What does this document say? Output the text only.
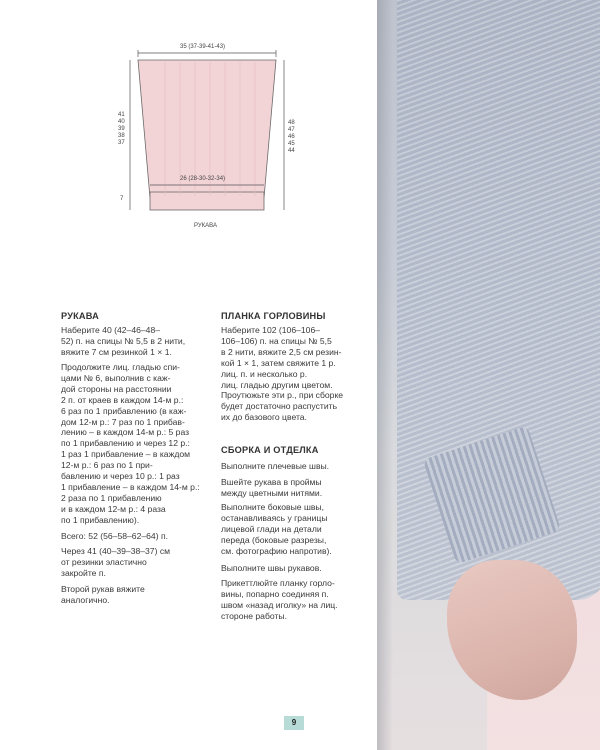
35 (37-39-41-43)
26 (28-30-32-34)
41
40
39
38
37
48
47
46
45
44
7
РУКАВА
РУКАВА

Наберите 40 (42–46–48–
52) п. на спицы № 5,5 в 2 нити,
вяжите 7 см резинкой 1 × 1.

Продолжите лиц. гладью спи-
цами № 6, выполнив с каж-
дой стороны на расстоянии
2 п. от краев в каждом 14-м р.:
6 раз по 1 прибавлению (в каж-
дом 12-м р.: 7 раз по 1 прибав-
лению – в каждом 14-м р.: 5 раз
по 1 прибавлению и через 12 р.:
1 раз 1 прибавление – в каждом
12-м р.: 6 раз по 1 при-
бавлению и через 10 р.: 1 раз
1 прибавление – в каждом 14-м р.:
2 раза по 1 прибавлению
и в каждом 12-м р.: 4 раза
по 1 прибавлению).

Всего: 52 (56–58–62–64) п.

Через 41 (40–39–38–37) см
от резинки эластично
закройте п.

Второй рукав вяжите
аналогично.

ПЛАНКА ГОРЛОВИНЫ

Наберите 102 (106–106–
106–106) п. на спицы № 5,5
в 2 нити, вяжите 2,5 см резин-
кой 1 × 1, затем свяжите 1 р.
лиц. п. и несколько р.
лиц. гладью другим цветом.
Проутюжьте эти р., при сборке
будет достаточно распустить
их до базового цвета.

СБОРКА И ОТДЕЛКА

Выполните плечевые швы.

Вшейте рукава в проймы
между цветными нитями.

Выполните боковые швы,
останавливаясь у границы
лицевой глади на детали
переда (боковые разрезы,
см. фотографию напротив).

Выполните швы рукавов.

Прикеттлюйте планку горло-
вины, попарно соединяя п.
швом «назад иголку» на лиц.
стороне работы.

9
